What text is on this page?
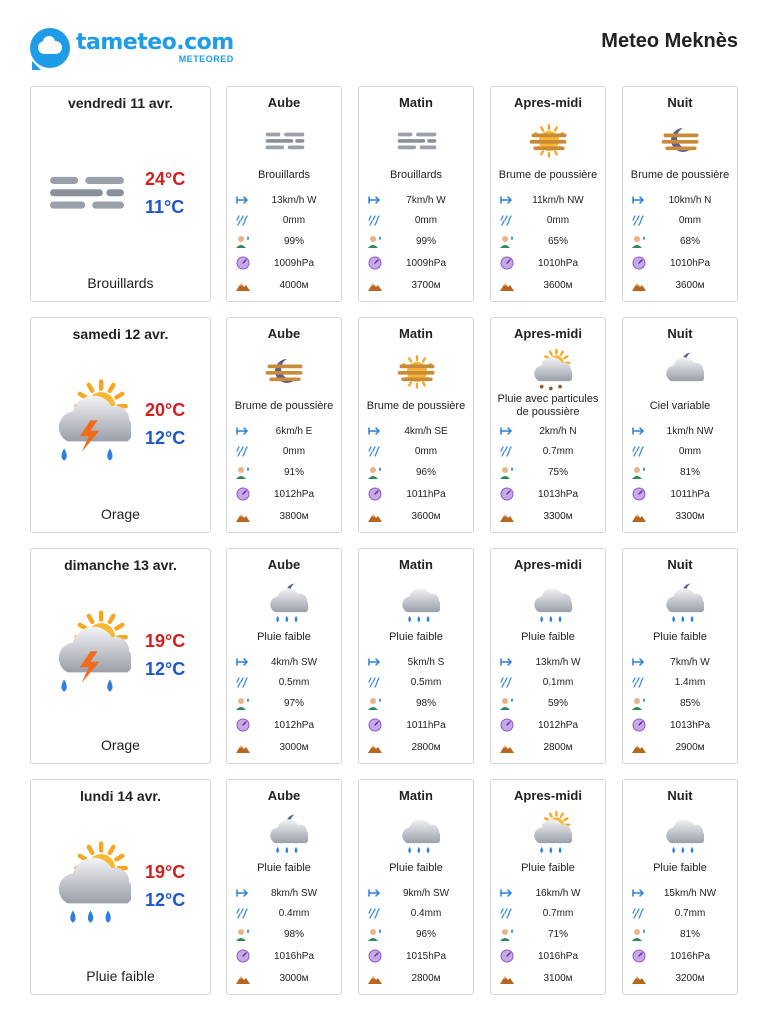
tameteo.com
METEORED
Meteo Meknès
vendredi 11 avr.
24°C
11°C
Brouillards
Aube
Brouillards
13km/h W
0mm
99%
1009hPa
4000м
Matin
Brouillards
7km/h W
0mm
99%
1009hPa
3700м
Apres-midi
Brume de poussière
11km/h NW
0mm
65%
1010hPa
3600м
Nuit
Brume de poussière
10km/h N
0mm
68%
1010hPa
3600м
samedi 12 avr.
20°C
12°C
Orage
Aube
Brume de poussière
6km/h E
0mm
91%
1012hPa
3800м
Matin
Brume de poussière
4km/h SE
0mm
96%
1011hPa
3600м
Apres-midi
Pluie avec particules de poussière
2km/h N
0.7mm
75%
1013hPa
3300м
Nuit
Ciel variable
1km/h NW
0mm
81%
1011hPa
3300м
dimanche 13 avr.
19°C
12°C
Orage
Aube
Pluie faible
4km/h SW
0.5mm
97%
1012hPa
3000м
Matin
Pluie faible
5km/h S
0.5mm
98%
1011hPa
2800м
Apres-midi
Pluie faible
13km/h W
0.1mm
59%
1012hPa
2800м
Nuit
Pluie faible
7km/h W
1.4mm
85%
1013hPa
2900м
lundi 14 avr.
19°C
12°C
Pluie faible
Aube
Pluie faible
8km/h SW
0.4mm
98%
1016hPa
3000м
Matin
Pluie faible
9km/h SW
0.4mm
96%
1015hPa
2800м
Apres-midi
Pluie faible
16km/h W
0.7mm
71%
1016hPa
3100м
Nuit
Pluie faible
15km/h NW
0.7mm
81%
1016hPa
3200м
